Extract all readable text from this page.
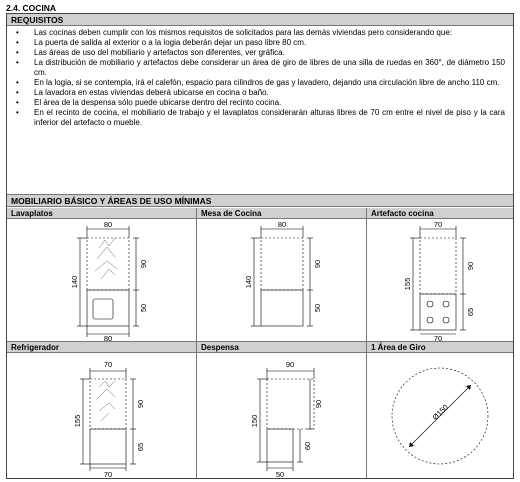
2.4. COCINA
REQUISITOS
• Las cocinas deben cumplir con los mismos requisitos de solicitados para las demás viviendas pero considerando que:
• La puerta de salida al exterior o a la logia deberán dejar un paso libre 80 cm.
• Las áreas de uso del mobiliario y artefactos son diferentes, ver gráfica.
• La distribución de mobiliario y artefactos debe considerar un área de giro de libres de una silla de ruedas en 360°, de diámetro 150 cm.
• En la logia, si se contempla, irá el calefón, espacio para cilindros de gas y lavadero, dejando una circulación libre de ancho 110 cm.
• La lavadora en estas viviendas deberá ubicarse en cocina o baño.
• El área de la despensa sólo puede ubicarse dentro del recinto cocina.
• En el recinto de cocina, el mobiliario de trabajo y el lavaplatos considerarán alturas libres de 70 cm entre el nivel de piso y la cara inferior del artefacto o mueble.
MOBILIARIO BÁSICO Y ÁREAS DE USO MÍNIMAS
Lavaplatos
80
80
140
90
50
Mesa de Cocina
80
140
90
50
Artefacto cocina
70
70
155
90
65
Refrigerador
70
70
155
90
65
Despensa
90
50
150
90
60
1 Área de Giro
Ø150
